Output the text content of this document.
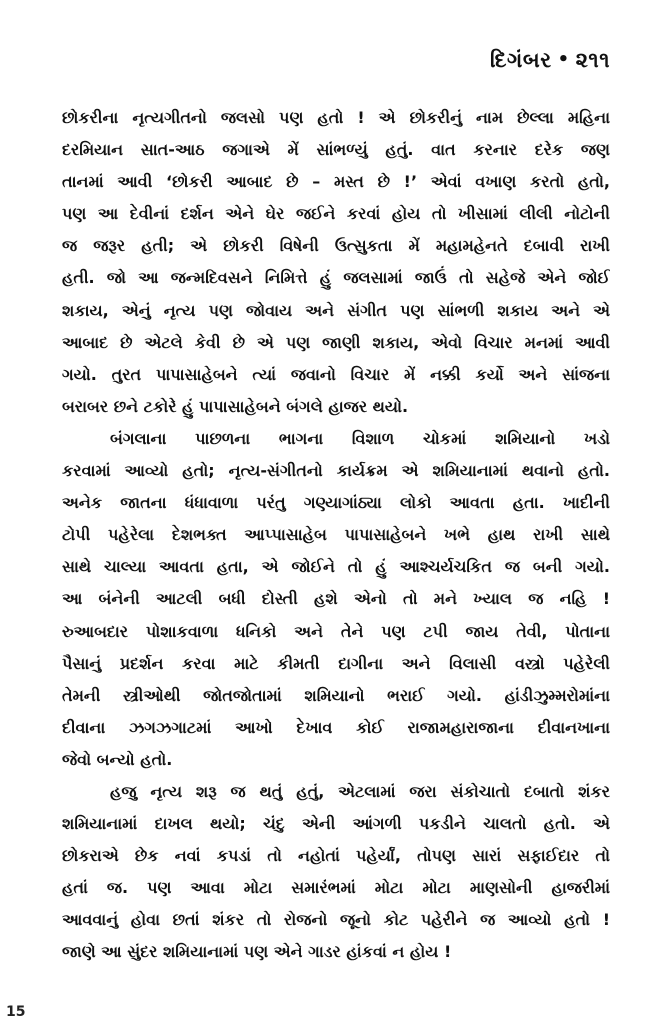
દિગંબર • ૨૧૧
છોકરીના નૃત્યગીતનો જલસો પણ હતો ! એ છોકરીનું નામ છેલ્લા મહિના
દરમિયાન સાત-આઠ જગાએ મેં સાંભળ્યું હતું. વાત કરનાર દરેક જણ
તાનમાં આવી ‘છોકરી આબાદ છે – મસ્ત છે !’ એવાં વખાણ કરતો હતો,
પણ આ દેવીનાં દર્શન એને ઘેર જઈને કરવાં હોય તો ખીસામાં લીલી નોટોની
જ જરૂર હતી; એ છોકરી વિષેની ઉત્સુકતા મેં મહામહેનતે દબાવી રાખી
હતી. જો આ જન્મદિવસને નિમિત્તે હું જલસામાં જાઉં તો સહેજે એને જોઈ
શકાય, એનું નૃત્ય પણ જોવાય અને સંગીત પણ સાંભળી શકાય અને એ
આબાદ છે એટલે કેવી છે એ પણ જાણી શકાય, એવો વિચાર મનમાં આવી
ગયો. તુરત પાપાસાહેબને ત્યાં જવાનો વિચાર મેં નક્કી કર્યો અને સાંજના
બરાબર છને ટકોરે હું પાપાસાહેબને બંગલે હાજર થયો.
બંગલાના પાછળના ભાગના વિશાળ ચોકમાં શમિયાનો ખડો
કરવામાં આવ્યો હતો; નૃત્ય-સંગીતનો કાર્યક્રમ એ શમિયાનામાં થવાનો હતો.
અનેક જાતના ધંધાવાળા પરંતુ ગણ્યાગાંઠ્યા લોકો આવતા હતા. ખાદીની
ટોપી પહેરેલા દેશભક્ત આપ્પાસાહેબ પાપાસાહેબને ખભે હાથ રાખી સાથે
સાથે ચાલ્યા આવતા હતા, એ જોઈને તો હું આશ્ચર્યચકિત જ બની ગયો.
આ બંનેની આટલી બધી દોસ્તી હશે એનો તો મને ખ્યાલ જ નહિ !
રુઆબદાર પોશાકવાળા ધનિકો અને તેને પણ ટપી જાય તેવી, પોતાના
પૈસાનું પ્રદર્શન કરવા માટે કીમતી દાગીના અને વિલાસી વસ્ત્રો પહેરેલી
તેમની સ્ત્રીઓથી જોતજોતામાં શમિયાનો ભરાઈ ગયો. હાંડીઝુમ્મરોમાંના
દીવાના ઝગઝગાટમાં આખો દેખાવ કોઈ રાજામહારાજાના દીવાનખાના
જેવો બન્યો હતો.
હજુ નૃત્ય શરૂ જ થતું હતું, એટલામાં જરા સંકોચાતો દબાતો શંકર
શમિયાનામાં દાખલ થયો; ચંદુ એની આંગળી પકડીને ચાલતો હતો. એ
છોકરાએ છેક નવાં કપડાં તો નહોતાં પહેર્યાં, તોપણ સારાં સફાઈદાર તો
હતાં જ. પણ આવા મોટા સમારંભમાં મોટા મોટા માણસોની હાજરીમાં
આવવાનું હોવા છતાં શંકર તો રોજનો જૂનો કોટ પહેરીને જ આવ્યો હતો !
જાણે આ સુંદર શમિયાનામાં પણ એને ગાડર હાંકવાં ન હોય !
15
